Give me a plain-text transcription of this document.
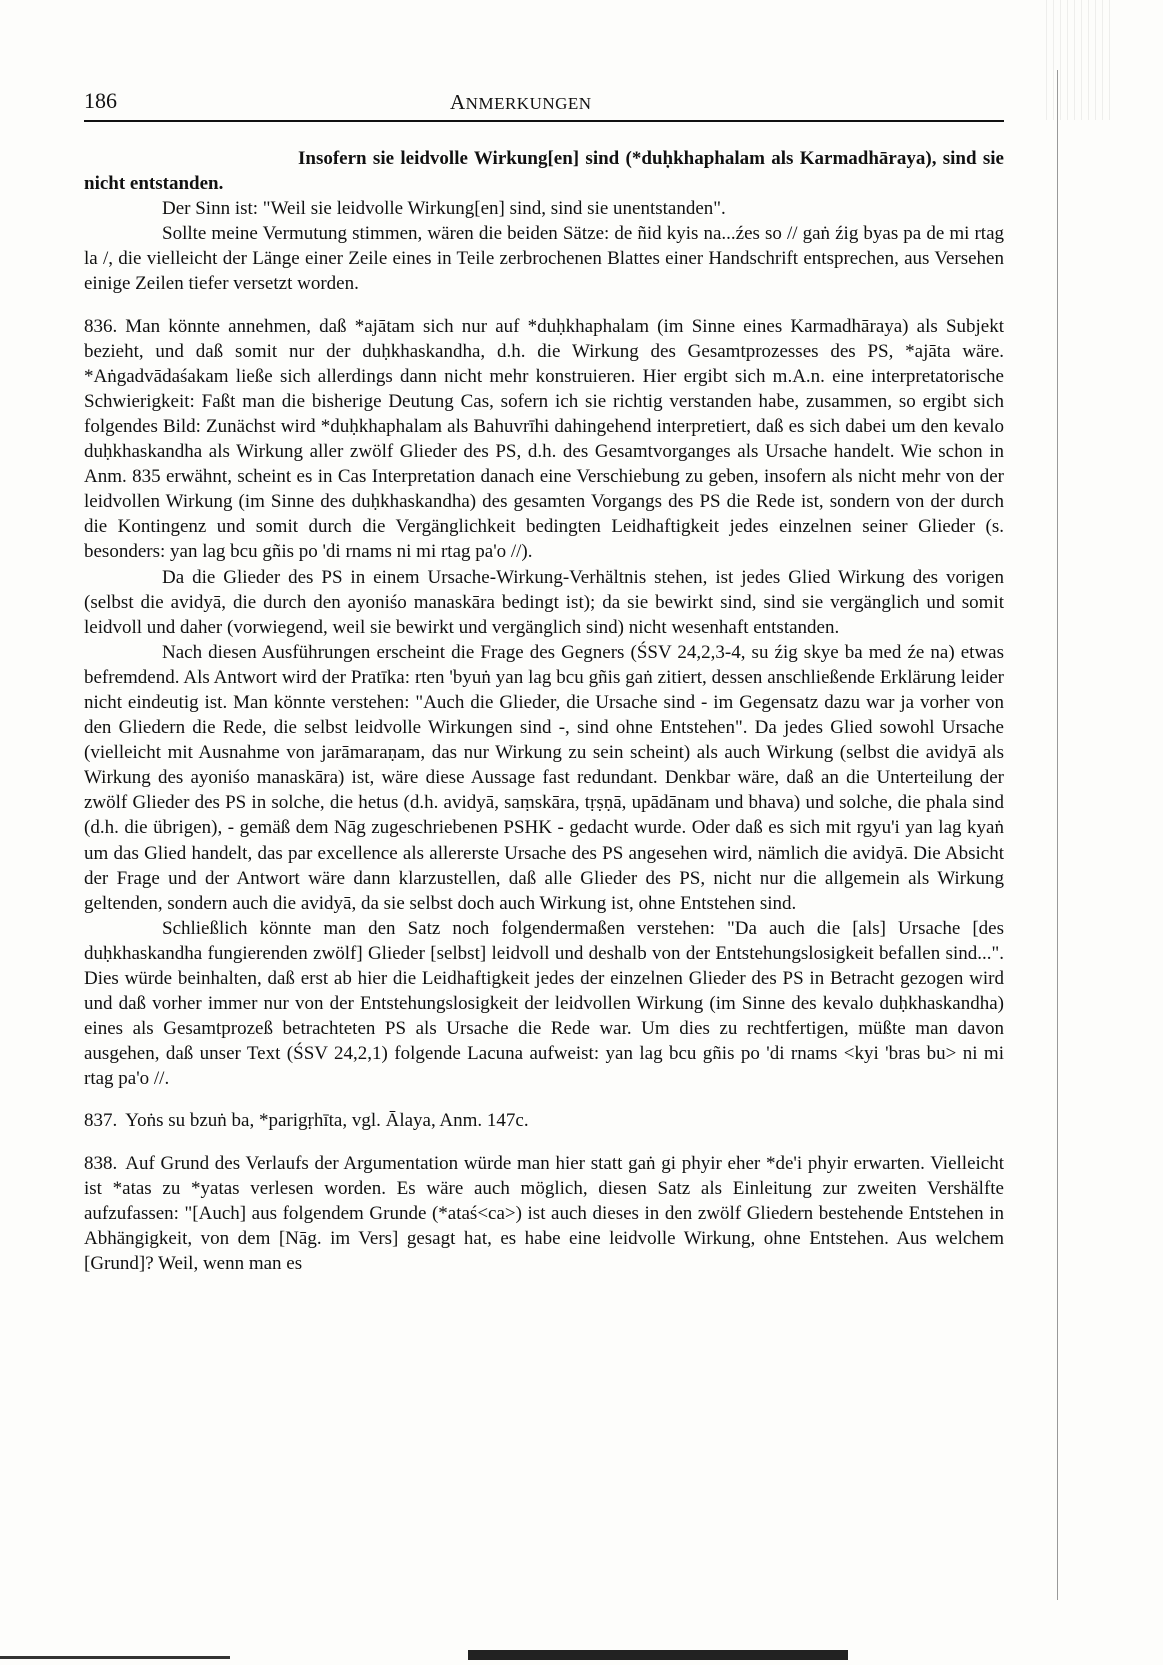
186	ANMERKUNGEN

Insofern sie leidvolle Wirkung[en] sind (*duḥkhaphalam als Karmadhāraya), sind sie nicht entstanden.

Der Sinn ist: "Weil sie leidvolle Wirkung[en] sind, sind sie unentstanden".

Sollte meine Vermutung stimmen, wären die beiden Sätze: de ñid kyis na...źes so // gaṅ źig byas pa de mi rtag la /, die vielleicht der Länge einer Zeile eines in Teile zerbrochenen Blattes einer Handschrift entsprechen, aus Versehen einige Zeilen tiefer versetzt worden.

836. Man könnte annehmen, daß *ajātam sich nur auf *duḥkhaphalam (im Sinne eines Karmadhāraya) als Subjekt bezieht, und daß somit nur der duḥkhaskandha, d.h. die Wirkung des Gesamtprozesses des PS, *ajāta wäre. *Aṅgadvādaśakam ließe sich allerdings dann nicht mehr konstruieren. Hier ergibt sich m.A.n. eine interpretatorische Schwierigkeit: Faßt man die bisherige Deutung Cas, sofern ich sie richtig verstanden habe, zusammen, so ergibt sich folgendes Bild: Zunächst wird *duḥkhaphalam als Bahuvrīhi dahingehend interpretiert, daß es sich dabei um den kevalo duḥkhaskandha als Wirkung aller zwölf Glieder des PS, d.h. des Gesamtvorganges als Ursache handelt. Wie schon in Anm. 835 erwähnt, scheint es in Cas Interpretation danach eine Verschiebung zu geben, insofern als nicht mehr von der leidvollen Wirkung (im Sinne des duḥkhaskandha) des gesamten Vorgangs des PS die Rede ist, sondern von der durch die Kontingenz und somit durch die Vergänglichkeit bedingten Leidhaftigkeit jedes einzelnen seiner Glieder (s. besonders: yan lag bcu gñis po 'di rnams ni mi rtag pa'o //).

Da die Glieder des PS in einem Ursache-Wirkung-Verhältnis stehen, ist jedes Glied Wirkung des vorigen (selbst die avidyā, die durch den ayoniśo manaskāra bedingt ist); da sie bewirkt sind, sind sie vergänglich und somit leidvoll und daher (vorwiegend, weil sie bewirkt und vergänglich sind) nicht wesenhaft entstanden.

Nach diesen Ausführungen erscheint die Frage des Gegners (ŚSV 24,2,3-4, su źig skye ba med źe na) etwas befremdend. Als Antwort wird der Pratīka: rten 'byuṅ yan lag bcu gñis gaṅ zitiert, dessen anschließende Erklärung leider nicht eindeutig ist. Man könnte verstehen: "Auch die Glieder, die Ursache sind - im Gegensatz dazu war ja vorher von den Gliedern die Rede, die selbst leidvolle Wirkungen sind -, sind ohne Entstehen". Da jedes Glied sowohl Ursache (vielleicht mit Ausnahme von jarāmaraṇam, das nur Wirkung zu sein scheint) als auch Wirkung (selbst die avidyā als Wirkung des ayoniśo manaskāra) ist, wäre diese Aussage fast redundant. Denkbar wäre, daß an die Unterteilung der zwölf Glieder des PS in solche, die hetus (d.h. avidyā, saṃskāra, tṛṣṇā, upādānam und bhava) und solche, die phala sind (d.h. die übrigen), - gemäß dem Nāg zugeschriebenen PSHK - gedacht wurde. Oder daß es sich mit rgyu'i yan lag kyaṅ um das Glied handelt, das par excellence als allererste Ursache des PS angesehen wird, nämlich die avidyā. Die Absicht der Frage und der Antwort wäre dann klarzustellen, daß alle Glieder des PS, nicht nur die allgemein als Wirkung geltenden, sondern auch die avidyā, da sie selbst doch auch Wirkung ist, ohne Entstehen sind.

Schließlich könnte man den Satz noch folgendermaßen verstehen: "Da auch die [als] Ursache [des duḥkhaskandha fungierenden zwölf] Glieder [selbst] leidvoll und deshalb von der Entstehungslosigkeit befallen sind...". Dies würde beinhalten, daß erst ab hier die Leidhaftigkeit jedes der einzelnen Glieder des PS in Betracht gezogen wird und daß vorher immer nur von der Entstehungslosigkeit der leidvollen Wirkung (im Sinne des kevalo duḥkhaskandha) eines als Gesamtprozeß betrachteten PS als Ursache die Rede war. Um dies zu rechtfertigen, müßte man davon ausgehen, daß unser Text (ŚSV 24,2,1) folgende Lacuna aufweist: yan lag bcu gñis po 'di rnams <kyi 'bras bu> ni mi rtag pa'o //.

837. Yoṅs su bzuṅ ba, *parigṛhīta, vgl. Ālaya, Anm. 147c.

838. Auf Grund des Verlaufs der Argumentation würde man hier statt gaṅ gi phyir eher *de'i phyir erwarten. Vielleicht ist *atas zu *yatas verlesen worden. Es wäre auch möglich, diesen Satz als Einleitung zur zweiten Vershälfte aufzufassen: "[Auch] aus folgendem Grunde (*ataś<ca>) ist auch dieses in den zwölf Gliedern bestehende Entstehen in Abhängigkeit, von dem [Nāg. im Vers] gesagt hat, es habe eine leidvolle Wirkung, ohne Entstehen. Aus welchem [Grund]? Weil, wenn man es
